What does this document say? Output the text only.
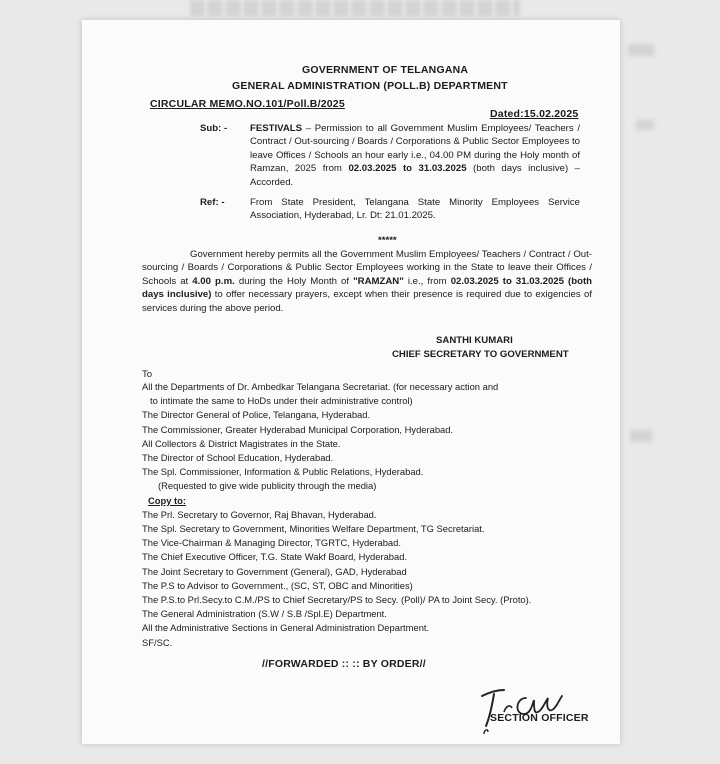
GOVERNMENT OF TELANGANA
GENERAL ADMINISTRATION (POLL.B) DEPARTMENT
CIRCULAR MEMO.NO.101/Poll.B/2025
Dated:15.02.2025
Sub: - FESTIVALS – Permission to all Government Muslim Employees/ Teachers / Contract / Out-sourcing / Boards / Corporations & Public Sector Employees to leave Offices / Schools an hour early i.e., 04.00 PM during the Holy month of Ramzan, 2025 from 02.03.2025 to 31.03.2025 (both days inclusive) – Accorded.
Ref: -	From State President, Telangana State Minority Employees Service Association, Hyderabad, Lr. Dt: 21.01.2025.
*****
Government hereby permits all the Government Muslim Employees/ Teachers / Contract / Out-sourcing / Boards / Corporations & Public Sector Employees working in the State to leave their Offices / Schools at 4.00 p.m. during the Holy Month of "RAMZAN" i.e., from 02.03.2025 to 31.03.2025 (both days inclusive) to offer necessary prayers, except when their presence is required due to exigencies of services during the above period.
SANTHI KUMARI
CHIEF SECRETARY TO GOVERNMENT
To
All the Departments of Dr. Ambedkar Telangana Secretariat. (for necessary action and
to intimate the same to HoDs under their administrative control)
The Director General of Police, Telangana, Hyderabad.
The Commissioner, Greater Hyderabad Municipal Corporation, Hyderabad.
All Collectors & District Magistrates in the State.
The Director of School Education, Hyderabad.
The Spl. Commissioner, Information & Public Relations, Hyderabad.
(Requested to give wide publicity through the media)
Copy to:
The Prl. Secretary to Governor, Raj Bhavan, Hyderabad.
The Spl. Secretary to Government, Minorities Welfare Department, TG Secretariat.
The Vice-Chairman & Managing Director, TGRTC, Hyderabad.
The Chief Executive Officer, T.G. State Wakf Board, Hyderabad.
The Joint Secretary to Government (General), GAD, Hyderabad
The P.S to Advisor to Government., (SC, ST, OBC and Minorities)
The P.S.to Prl.Secy.to C.M./PS to Chief Secretary/PS to Secy. (Poll)/ PA to Joint Secy. (Proto).
The General Administration (S.W / S.B /Spl.E) Department.
All the Administrative Sections in General Administration Department.
SF/SC.
//FORWARDED :: :: BY ORDER//
SECTION OFFICER
